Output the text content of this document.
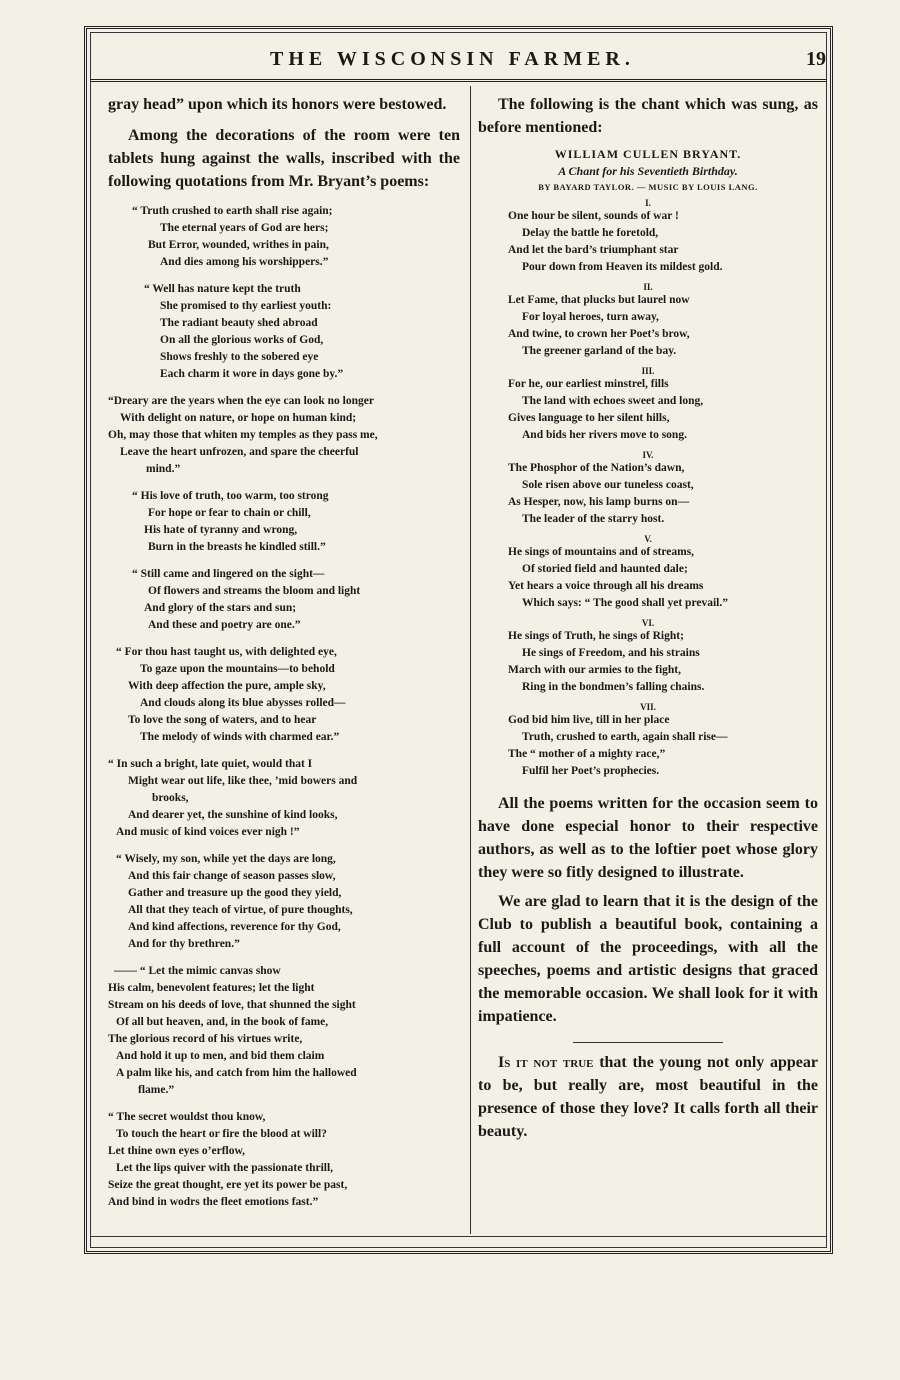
THE WISCONSIN FARMER.	19

gray head” upon which its honors were bestowed.

Among the decorations of the room were ten tablets hung against the walls, inscribed with the following quotations from Mr. Bryant’s poems:

“ Truth crushed to earth shall rise again;
The eternal years of God are hers;
But Error, wounded, writhes in pain,
And dies among his worshippers.”
“ Well has nature kept the truth
She promised to thy earliest youth:
The radiant beauty shed abroad
On all the glorious works of God,
Shows freshly to the sobered eye
Each charm it wore in days gone by.”
“Dreary are the years when the eye can look no longer
With delight on nature, or hope on human kind;
Oh, may those that whiten my temples as they pass me,
Leave the heart unfrozen, and spare the cheerful
mind.”
“ His love of truth, too warm, too strong
For hope or fear to chain or chill,
His hate of tyranny and wrong,
Burn in the breasts he kindled still.”
“ Still came and lingered on the sight—
Of flowers and streams the bloom and light
And glory of the stars and sun;
And these and poetry are one.”
“ For thou hast taught us, with delighted eye,
To gaze upon the mountains—to behold
With deep affection the pure, ample sky,
And clouds along its blue abysses rolled—
To love the song of waters, and to hear
The melody of winds with charmed ear.”
“ In such a bright, late quiet, would that I
Might wear out life, like thee, ’mid bowers and
brooks,
And dearer yet, the sunshine of kind looks,
And music of kind voices ever nigh !”
“ Wisely, my son, while yet the days are long,
And this fair change of season passes slow,
Gather and treasure up the good they yield,
All that they teach of virtue, of pure thoughts,
And kind affections, reverence for thy God,
And for thy brethren.”
—— “ Let the mimic canvas show
His calm, benevolent features; let the light
Stream on his deeds of love, that shunned the sight
Of all but heaven, and, in the book of fame,
The glorious record of his virtues write,
And hold it up to men, and bid them claim
A palm like his, and catch from him the hallowed
flame.”
“ The secret wouldst thou know,
To touch the heart or fire the blood at will?
Let thine own eyes o’erflow,
Let the lips quiver with the passionate thrill,
Seize the great thought, ere yet its power be past,
And bind in wodrs the fleet emotions fast.”

The following is the chant which was sung, as before mentioned:

WILLIAM CULLEN BRYANT.
A Chant for his Seventieth Birthday.
BY BAYARD TAYLOR. — MUSIC BY LOUIS LANG.
I.
One hour be silent, sounds of war !
Delay the battle he foretold,
And let the bard’s triumphant star
Pour down from Heaven its mildest gold.
II.
Let Fame, that plucks but laurel now
For loyal heroes, turn away,
And twine, to crown her Poet’s brow,
The greener garland of the bay.
III.
For he, our earliest minstrel, fills
The land with echoes sweet and long,
Gives language to her silent hills,
And bids her rivers move to song.
IV.
The Phosphor of the Nation’s dawn,
Sole risen above our tuneless coast,
As Hesper, now, his lamp burns on—
The leader of the starry host.
V.
He sings of mountains and of streams,
Of storied field and haunted dale;
Yet hears a voice through all his dreams
Which says: “ The good shall yet prevail.”
VI.
He sings of Truth, he sings of Right;
He sings of Freedom, and his strains
March with our armies to the fight,
Ring in the bondmen’s falling chains.
VII.
God bid him live, till in her place
Truth, crushed to earth, again shall rise—
The “ mother of a mighty race,”
Fulfil her Poet’s prophecies.

All the poems written for the occasion seem to have done especial honor to their respective authors, as well as to the loftier poet whose glory they were so fitly designed to illustrate.

We are glad to learn that it is the design of the Club to publish a beautiful book, containing a full account of the proceedings, with all the speeches, poems and artistic designs that graced the memorable occasion. We shall look for it with impatience.

Is it not true that the young not only appear to be, but really are, most beautiful in the presence of those they love? It calls forth all their beauty.
